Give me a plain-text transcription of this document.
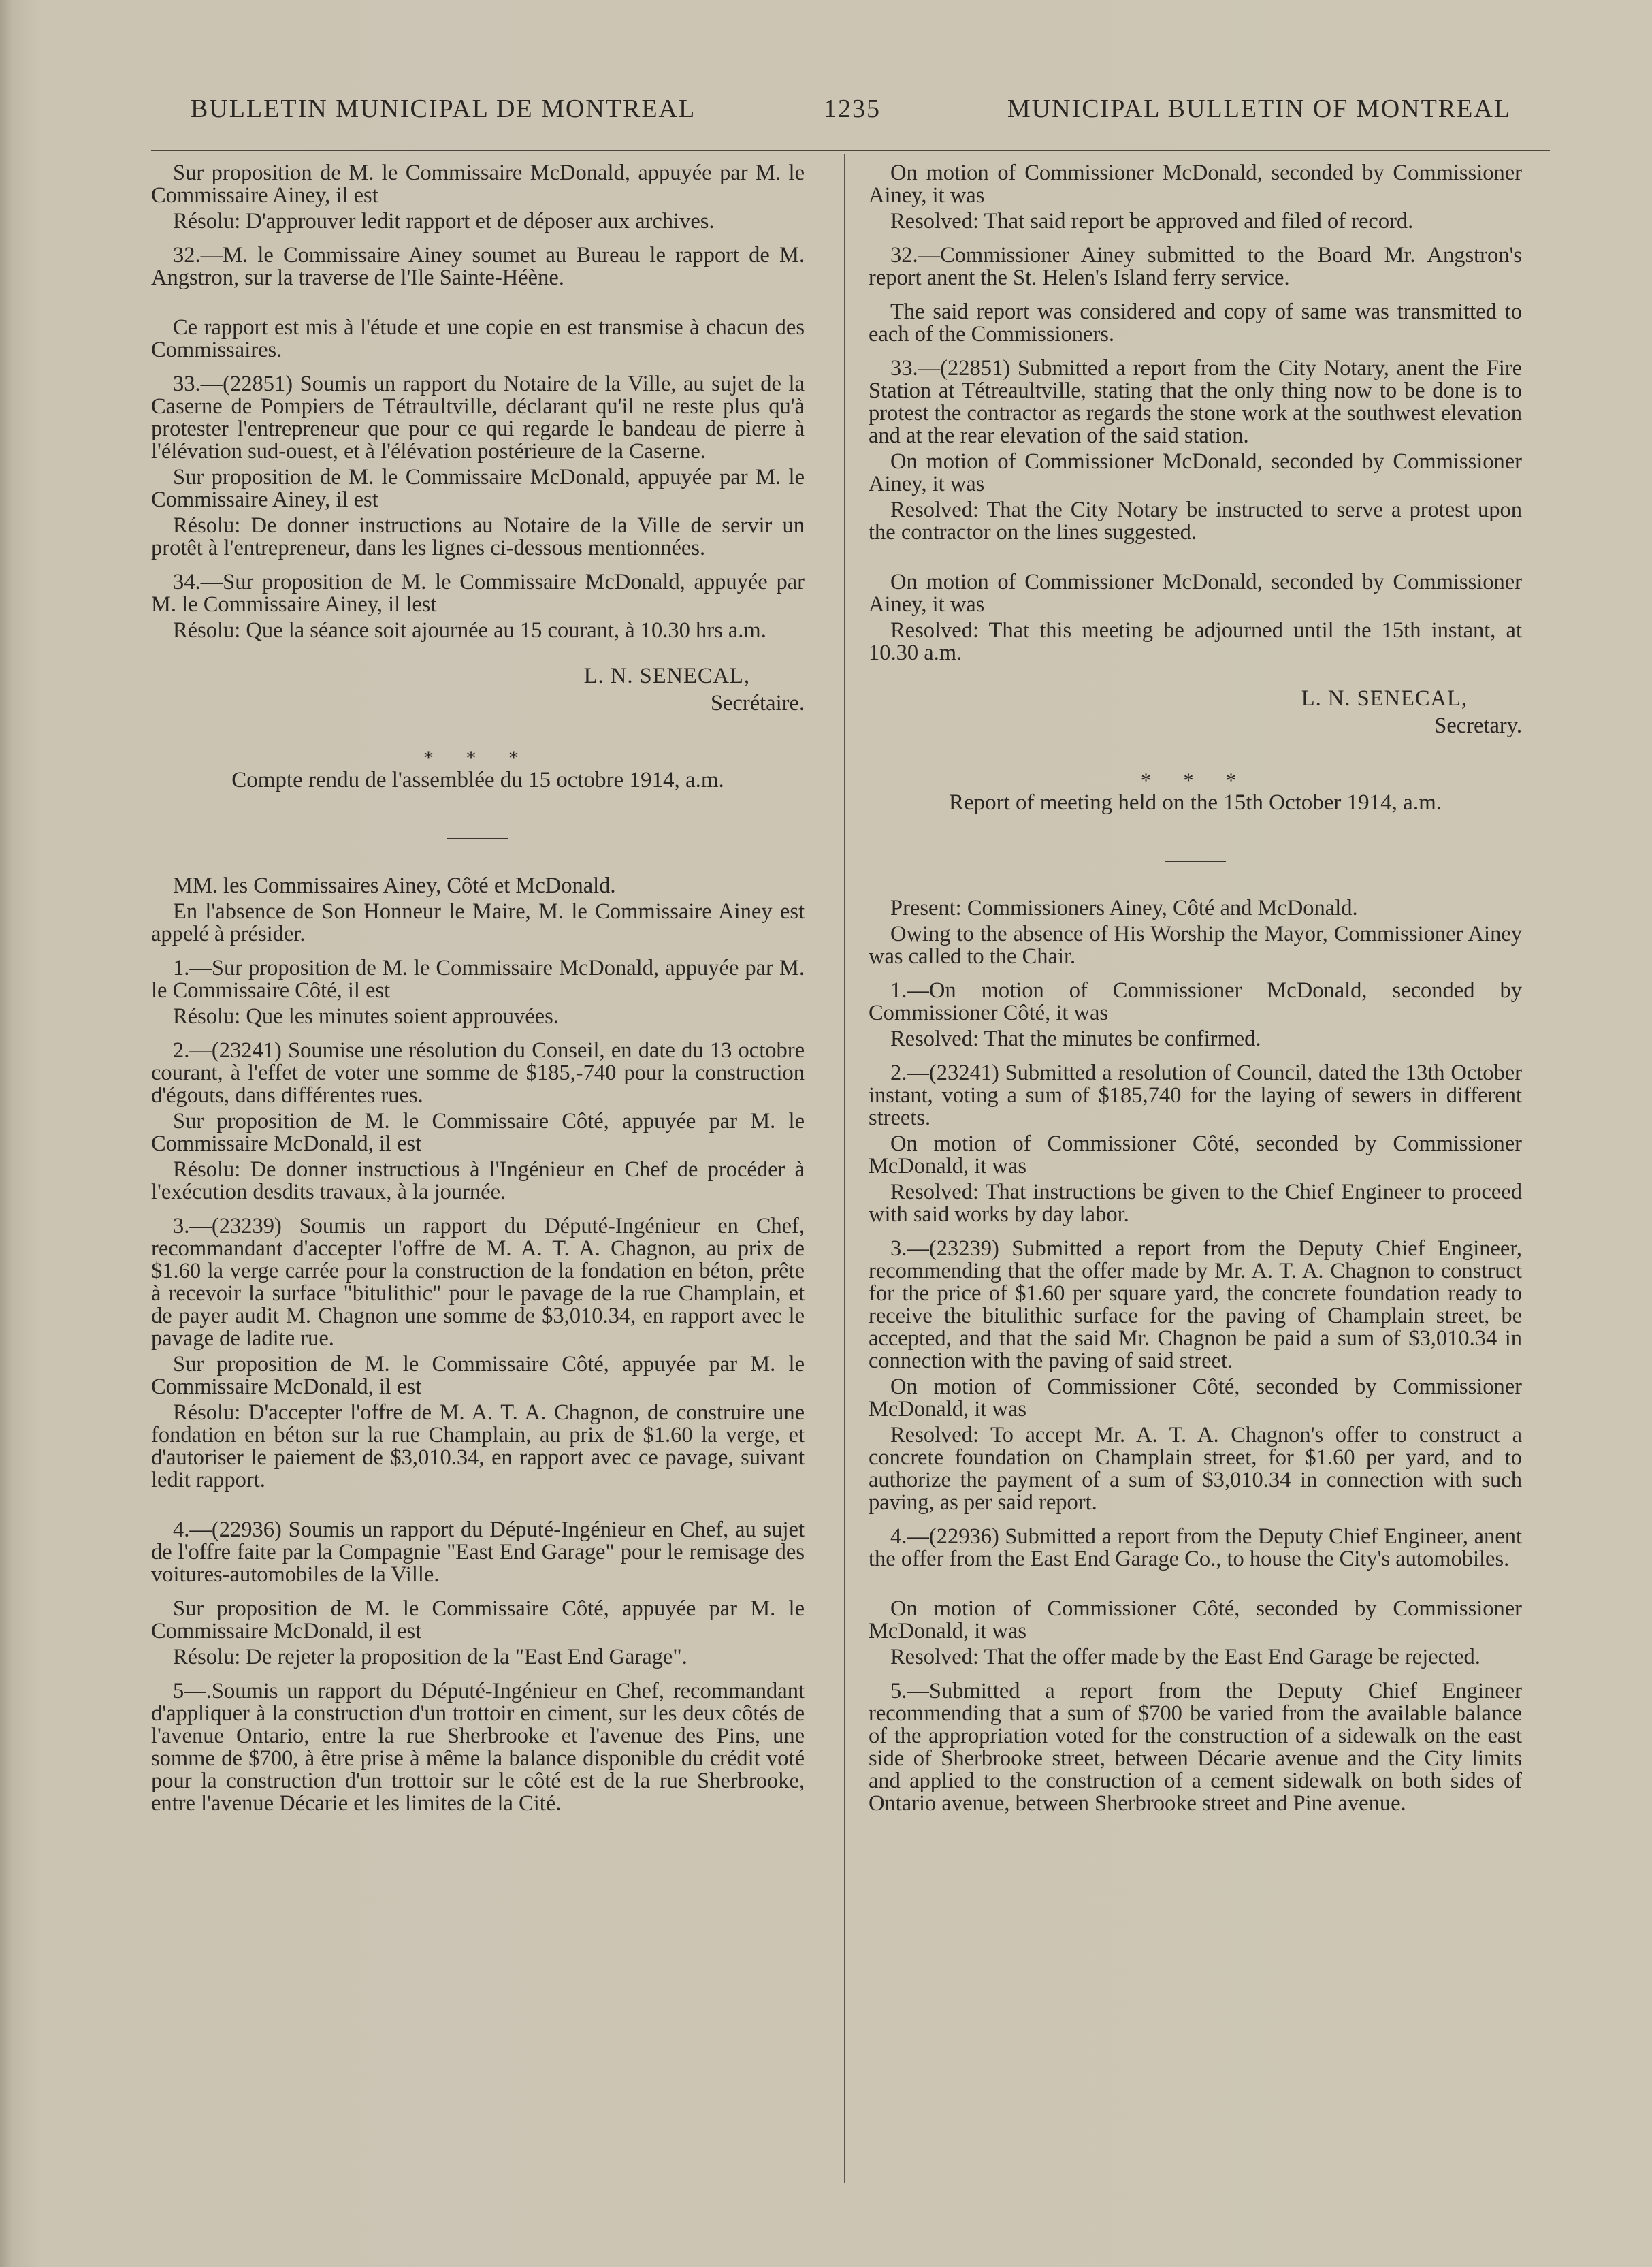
BULLETIN MUNICIPAL DE MONTREAL	1235	MUNICIPAL BULLETIN OF MONTREAL

Sur proposition de M. le Commissaire McDonald, appuyée par M. le Commissaire Ainey, il est

Résolu: D'approuver ledit rapport et de déposer aux archives.

32.—M. le Commissaire Ainey soumet au Bureau le rapport de M. Angstron, sur la traverse de l'Ile Sainte-Héène.

Ce rapport est mis à l'étude et une copie en est transmise à chacun des Commissaires.

33.—(22851) Soumis un rapport du Notaire de la Ville, au sujet de la Caserne de Pompiers de Tétraultville, déclarant qu'il ne reste plus qu'à protester l'entrepreneur que pour ce qui regarde le bandeau de pierre à l'élévation sud-ouest, et à l'élévation postérieure de la Caserne.

Sur proposition de M. le Commissaire McDonald, appuyée par M. le Commissaire Ainey, il est

Résolu: De donner instructions au Notaire de la Ville de servir un protêt à l'entrepreneur, dans les lignes ci-dessous mentionnées.

34.—Sur proposition de M. le Commissaire McDonald, appuyée par M. le Commissaire Ainey, il lest

Résolu: Que la séance soit ajournée au 15 courant, à 10.30 hrs a.m.

L. N. SENECAL,
Secrétaire.
* * *

Compte rendu de l'assemblée du 15 octobre 1914, a.m.

MM. les Commissaires Ainey, Côté et McDonald.

En l'absence de Son Honneur le Maire, M. le Commissaire Ainey est appelé à présider.

1.—Sur proposition de M. le Commissaire McDonald, appuyée par M. le Commissaire Côté, il est

Résolu: Que les minutes soient approuvées.

2.—(23241) Soumise une résolution du Conseil, en date du 13 octobre courant, à l'effet de voter une somme de $185,-740 pour la construction d'égouts, dans différentes rues.

Sur proposition de M. le Commissaire Côté, appuyée par M. le Commissaire McDonald, il est

Résolu: De donner instructious à l'Ingénieur en Chef de procéder à l'exécution desdits travaux, à la journée.

3.—(23239) Soumis un rapport du Député-Ingénieur en Chef, recommandant d'accepter l'offre de M. A. T. A. Chagnon, au prix de $1.60 la verge carrée pour la construction de la fondation en béton, prête à recevoir la surface "bitulithic" pour le pavage de la rue Champlain, et de payer audit M. Chagnon une somme de $3,010.34, en rapport avec le pavage de ladite rue.

Sur proposition de M. le Commissaire Côté, appuyée par M. le Commissaire McDonald, il est

Résolu: D'accepter l'offre de M. A. T. A. Chagnon, de construire une fondation en béton sur la rue Champlain, au prix de $1.60 la verge, et d'autoriser le paiement de $3,010.34, en rapport avec ce pavage, suivant ledit rapport.

4.—(22936) Soumis un rapport du Député-Ingénieur en Chef, au sujet de l'offre faite par la Compagnie "East End Garage" pour le remisage des voitures-automobiles de la Ville.

Sur proposition de M. le Commissaire Côté, appuyée par M. le Commissaire McDonald, il est

Résolu: De rejeter la proposition de la "East End Garage".

5—.Soumis un rapport du Député-Ingénieur en Chef, recommandant d'appliquer à la construction d'un trottoir en ciment, sur les deux côtés de l'avenue Ontario, entre la rue Sherbrooke et l'avenue des Pins, une somme de $700, à être prise à même la balance disponible du crédit voté pour la construction d'un trottoir sur le côté est de la rue Sherbrooke, entre l'avenue Décarie et les limites de la Cité.

On motion of Commissioner McDonald, seconded by Commissioner Ainey, it was

Resolved: That said report be approved and filed of record.

32.—Commissioner Ainey submitted to the Board Mr. Angstron's report anent the St. Helen's Island ferry service.

The said report was considered and copy of same was transmitted to each of the Commissioners.

33.—(22851) Submitted a report from the City Notary, anent the Fire Station at Tétreaultville, stating that the only thing now to be done is to protest the contractor as regards the stone work at the southwest elevation and at the rear elevation of the said station.

On motion of Commissioner McDonald, seconded by Commissioner Ainey, it was

Resolved: That the City Notary be instructed to serve a protest upon the contractor on the lines suggested.

On motion of Commissioner McDonald, seconded by Commissioner Ainey, it was

Resolved: That this meeting be adjourned until the 15th instant, at 10.30 a.m.

L. N. SENECAL,
Secretary.
* * *

Report of meeting held on the 15th October 1914, a.m.

Present: Commissioners Ainey, Côté and McDonald.

Owing to the absence of His Worship the Mayor, Commissioner Ainey was called to the Chair.

1.—On motion of Commissioner McDonald, seconded by Commissioner Côté, it was

Resolved: That the minutes be confirmed.

2.—(23241) Submitted a resolution of Council, dated the 13th October instant, voting a sum of $185,740 for the laying of sewers in different streets.

On motion of Commissioner Côté, seconded by Commissioner McDonald, it was

Resolved: That instructions be given to the Chief Engineer to proceed with said works by day labor.

3.—(23239) Submitted a report from the Deputy Chief Engineer, recommending that the offer made by Mr. A. T. A. Chagnon to construct for the price of $1.60 per square yard, the concrete foundation ready to receive the bitulithic surface for the paving of Champlain street, be accepted, and that the said Mr. Chagnon be paid a sum of $3,010.34 in connection with the paving of said street.

On motion of Commissioner Côté, seconded by Commissioner McDonald, it was

Resolved: To accept Mr. A. T. A. Chagnon's offer to construct a concrete foundation on Champlain street, for $1.60 per yard, and to authorize the payment of a sum of $3,010.34 in connection with such paving, as per said report.

4.—(22936) Submitted a report from the Deputy Chief Engineer, anent the offer from the East End Garage Co., to house the City's automobiles.

On motion of Commissioner Côté, seconded by Commissioner McDonald, it was

Resolved: That the offer made by the East End Garage be rejected.

5.—Submitted a report from the Deputy Chief Engineer recommending that a sum of $700 be varied from the available balance of the appropriation voted for the construction of a sidewalk on the east side of Sherbrooke street, between Décarie avenue and the City limits and applied to the construction of a cement sidewalk on both sides of Ontario avenue, between Sherbrooke street and Pine avenue.
